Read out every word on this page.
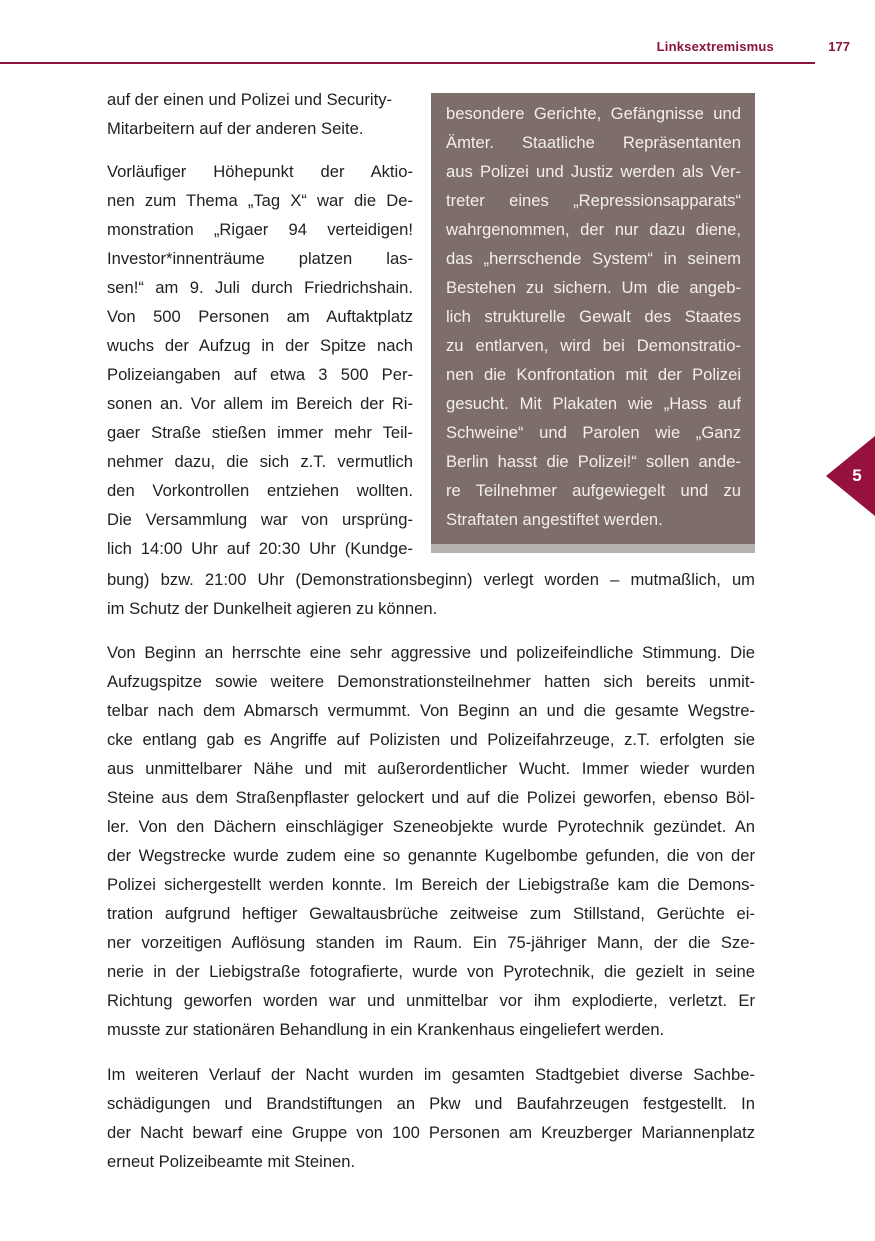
Linksextremismus	177
5
auf der einen und Polizei und Security-
Mitarbeitern auf der anderen Seite.
Vorläufiger Höhepunkt der Aktio-
nen zum Thema „Tag X“ war die De-
monstration „Rigaer 94 verteidigen!
Investor*innenträume platzen las-
sen!“ am 9. Juli durch Friedrichshain.
Von 500 Personen am Auftaktplatz
wuchs der Aufzug in der Spitze nach
Polizeiangaben auf etwa 3 500 Per-
sonen an. Vor allem im Bereich der Ri-
gaer Straße stießen immer mehr Teil-
nehmer dazu, die sich z.T. vermutlich
den Vorkontrollen entziehen wollten.
Die Versammlung war von ursprüng-
lich 14:00 Uhr auf 20:30 Uhr (Kundge-
besondere Gerichte, Gefängnisse und
Ämter. Staatliche Repräsentanten
aus Polizei und Justiz werden als Ver-
treter eines „Repressionsapparats“
wahrgenommen, der nur dazu diene,
das „herrschende System“ in seinem
Bestehen zu sichern. Um die angeb-
lich strukturelle Gewalt des Staates
zu entlarven, wird bei Demonstratio-
nen die Konfrontation mit der Polizei
gesucht. Mit Plakaten wie „Hass auf
Schweine“ und Parolen wie „Ganz
Berlin hasst die Polizei!“ sollen ande-
re Teilnehmer aufgewiegelt und zu
Straftaten angestiftet werden.
bung) bzw. 21:00 Uhr (Demonstrationsbeginn) verlegt worden – mutmaßlich, um
im Schutz der Dunkelheit agieren zu können.
Von Beginn an herrschte eine sehr aggressive und polizeifeindliche Stimmung. Die
Aufzugspitze sowie weitere Demonstrationsteilnehmer hatten sich bereits unmit-
telbar nach dem Abmarsch vermummt. Von Beginn an und die gesamte Wegstre-
cke entlang gab es Angriffe auf Polizisten und Polizeifahrzeuge, z.T. erfolgten sie
aus unmittelbarer Nähe und mit außerordentlicher Wucht. Immer wieder wurden
Steine aus dem Straßenpflaster gelockert und auf die Polizei geworfen, ebenso Böl-
ler. Von den Dächern einschlägiger Szeneobjekte wurde Pyrotechnik gezündet. An
der Wegstrecke wurde zudem eine so genannte Kugelbombe gefunden, die von der
Polizei sichergestellt werden konnte. Im Bereich der Liebigstraße kam die Demons-
tration aufgrund heftiger Gewaltausbrüche zeitweise zum Stillstand, Gerüchte ei-
ner vorzeitigen Auflösung standen im Raum. Ein 75-jähriger Mann, der die Sze-
nerie in der Liebigstraße fotografierte, wurde von Pyrotechnik, die gezielt in seine
Richtung geworfen worden war und unmittelbar vor ihm explodierte, verletzt. Er
musste zur stationären Behandlung in ein Krankenhaus eingeliefert werden.
Im weiteren Verlauf der Nacht wurden im gesamten Stadtgebiet diverse Sachbe-
schädigungen und Brandstiftungen an Pkw und Baufahrzeugen festgestellt. In
der Nacht bewarf eine Gruppe von 100 Personen am Kreuzberger Mariannenplatz
erneut Polizeibeamte mit Steinen.
